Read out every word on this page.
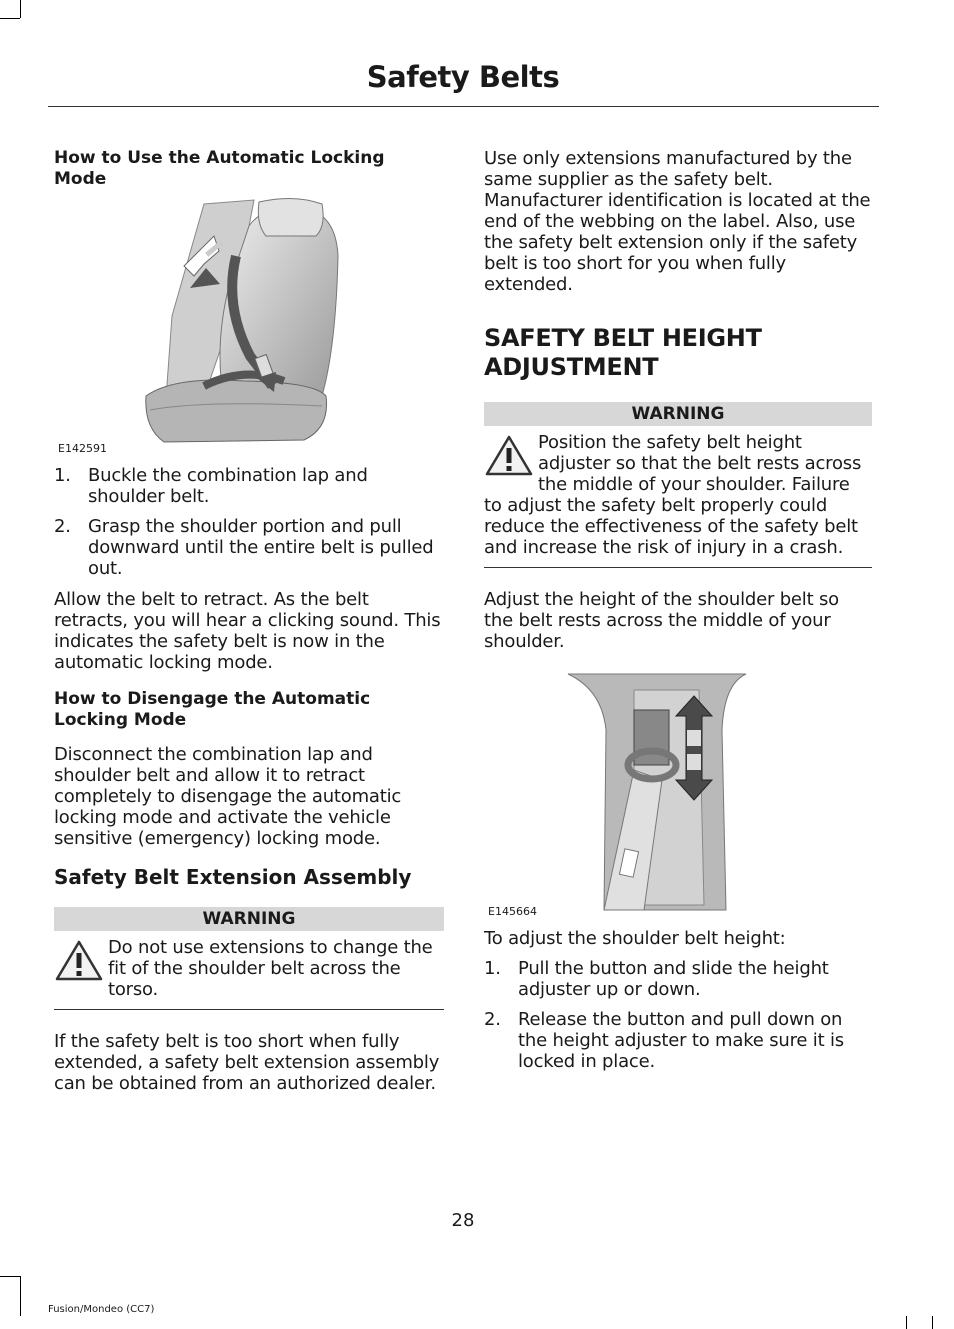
Safety Belts

How to Use the Automatic Locking Mode

E142591
1. Buckle the combination lap and shoulder belt.
2. Grasp the shoulder portion and pull downward until the entire belt is pulled out.

Allow the belt to retract. As the belt retracts, you will hear a clicking sound. This indicates the safety belt is now in the automatic locking mode.

How to Disengage the Automatic Locking Mode

Disconnect the combination lap and shoulder belt and allow it to retract completely to disengage the automatic locking mode and activate the vehicle sensitive (emergency) locking mode.

Safety Belt Extension Assembly

WARNING
Do not use extensions to change the fit of the shoulder belt across the torso.

If the safety belt is too short when fully extended, a safety belt extension assembly can be obtained from an authorized dealer.

Use only extensions manufactured by the same supplier as the safety belt. Manufacturer identification is located at the end of the webbing on the label. Also, use the safety belt extension only if the safety belt is too short for you when fully extended.

SAFETY BELT HEIGHT ADJUSTMENT

WARNING
Position the safety belt height adjuster so that the belt rests across the middle of your shoulder. Failure to adjust the safety belt properly could reduce the effectiveness of the safety belt and increase the risk of injury in a crash.

Adjust the height of the shoulder belt so the belt rests across the middle of your shoulder.

E145664

To adjust the shoulder belt height:

1. Pull the button and slide the height adjuster up or down.
2. Release the button and pull down on the height adjuster to make sure it is locked in place.
28
Fusion/Mondeo (CC7)
